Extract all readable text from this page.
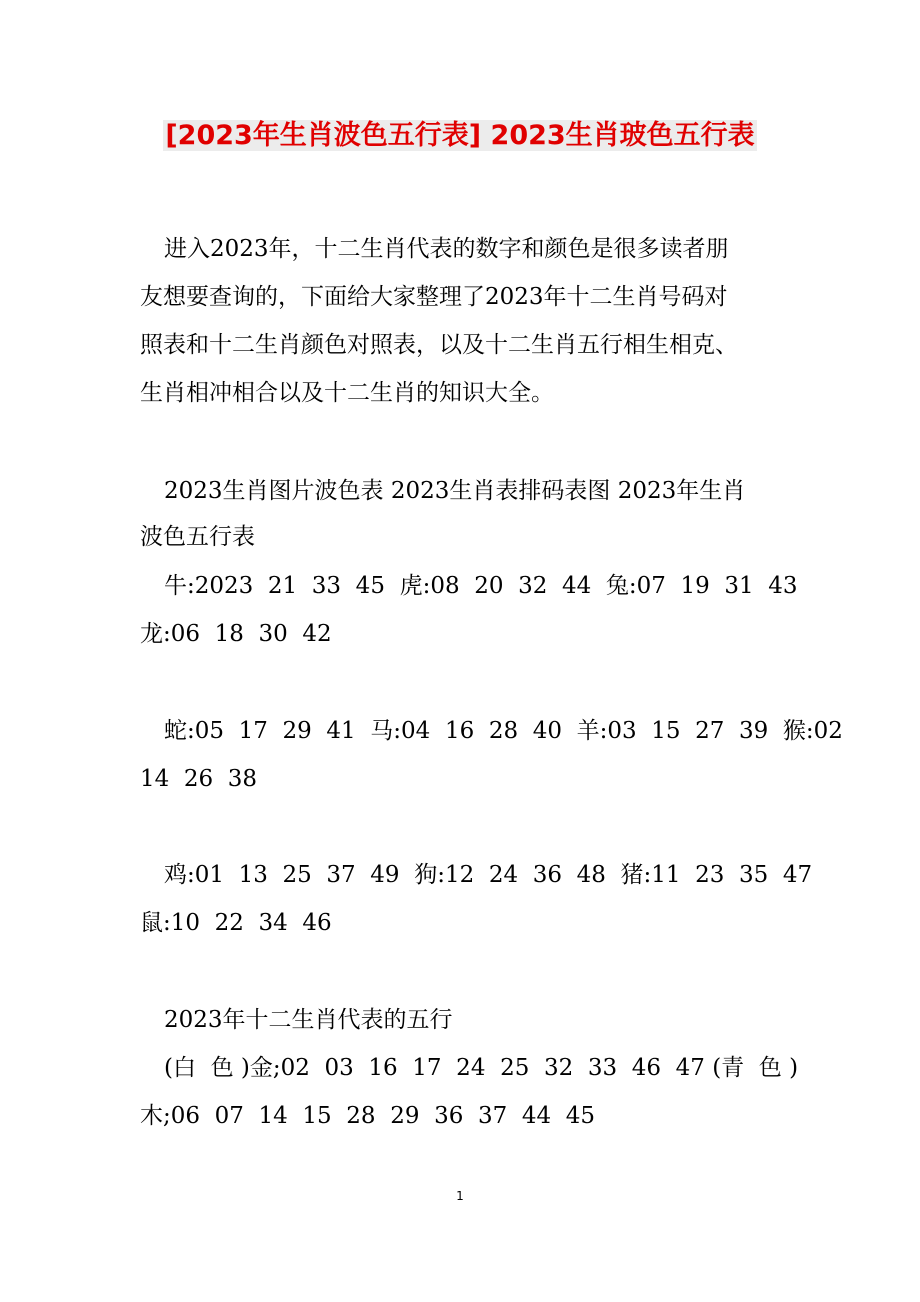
[2023年生肖波色五行表] 2023生肖玻色五行表
进入2023年，十二生肖代表的数字和颜色是很多读者朋
友想要查询的，下面给大家整理了2023年十二生肖号码对
照表和十二生肖颜色对照表，以及十二生肖五行相生相克、
生肖相冲相合以及十二生肖的知识大全。
2023生肖图片波色表 2023生肖表排码表图 2023年生肖
波色五行表
牛:2023  21  33  45  虎:08  20  32  44  兔:07  19  31  43
龙:06  18  30  42
蛇:05  17  29  41  马:04  16  28  40  羊:03  15  27  39  猴:02
14  26  38
鸡:01  13  25  37  49  狗:12  24  36  48  猪:11  23  35  47
鼠:10  22  34  46
2023年十二生肖代表的五行
(白  色 )金;02  03  16  17  24  25  32  33  46  47 (青  色 )
木;06  07  14  15  28  29  36  37  44  45
1
